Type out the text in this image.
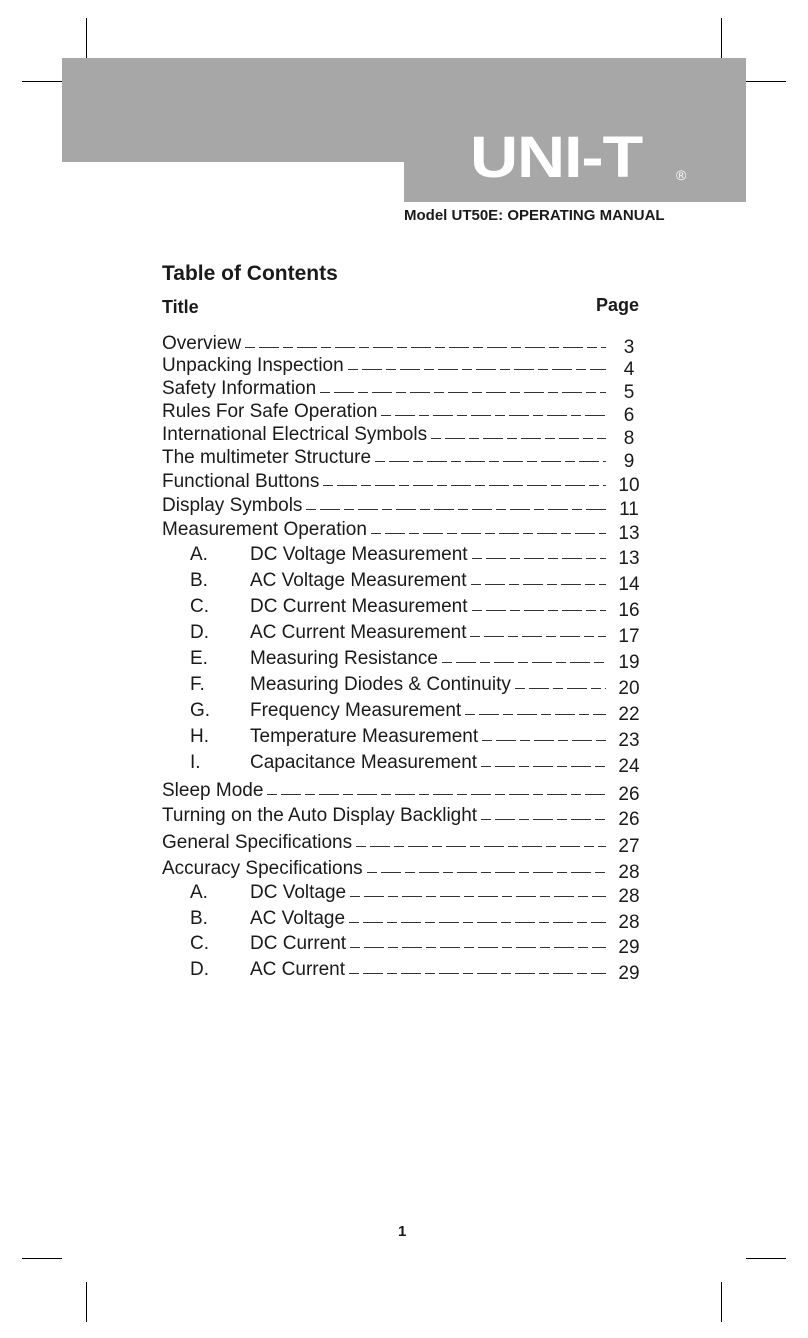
UNI-T ®
Model UT50E: OPERATING MANUAL
Table of Contents
Title	Page
Overview	3
Unpacking Inspection	4
Safety Information	5
Rules For Safe Operation	6
International Electrical Symbols	8
The multimeter Structure	9
Functional Buttons	10
Display Symbols	11
Measurement Operation	13
A.	DC Voltage Measurement	13
B.	AC Voltage Measurement	14
C.	DC Current Measurement	16
D.	AC Current Measurement	17
E.	Measuring Resistance	19
F.	Measuring Diodes & Continuity	20
G.	Frequency Measurement	22
H.	Temperature Measurement	23
I.	Capacitance Measurement	24
Sleep Mode	26
Turning on the Auto Display Backlight	26
General Specifications	27
Accuracy Specifications	28
A.	DC Voltage	28
B.	AC Voltage	28
C.	DC Current	29
D.	AC Current	29
1
